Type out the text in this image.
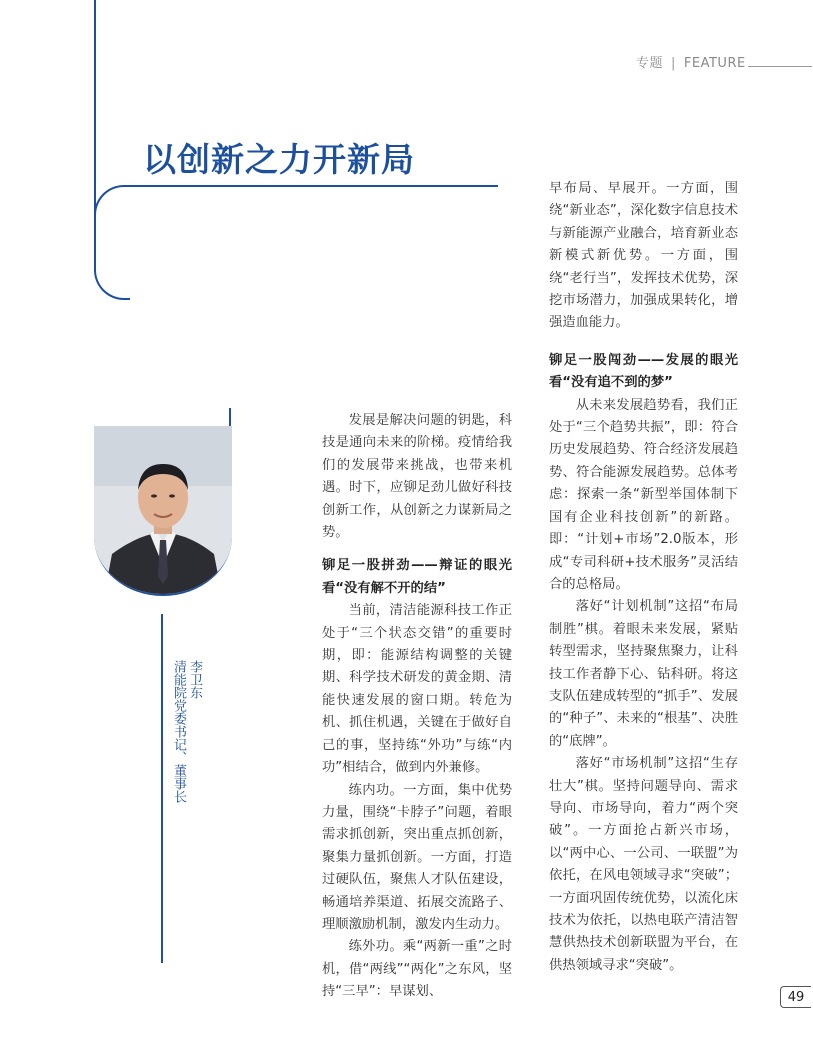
专题 | FEATURE
以创新之力开新局
李卫东
清能院党委书记、董事长

发展是解决问题的钥匙，科技是通向未来的阶梯。疫情给我们的发展带来挑战，也带来机遇。时下，应铆足劲儿做好科技创新工作，从创新之力谋新局之势。

铆足一股拼劲——辩证的眼光看“没有解不开的结”

当前，清洁能源科技工作正处于“三个状态交错”的重要时期，即：能源结构调整的关键期、科学技术研发的黄金期、清能快速发展的窗口期。转危为机、抓住机遇，关键在于做好自己的事，坚持练“外功”与练“内功”相结合，做到内外兼修。

练内功。一方面，集中优势力量，围绕“卡脖子”问题，着眼需求抓创新，突出重点抓创新，聚集力量抓创新。一方面，打造过硬队伍，聚焦人才队伍建设，畅通培养渠道、拓展交流路子、理顺激励机制，激发内生动力。

练外功。乘“两新一重”之时机，借“两线”“两化”之东风，坚持“三早”：早谋划、

早布局、早展开。一方面，围绕“新业态”，深化数字信息技术与新能源产业融合，培育新业态新模式新优势。一方面，围绕“老行当”，发挥技术优势，深挖市场潜力，加强成果转化，增强造血能力。

铆足一股闯劲——发展的眼光看“没有追不到的梦”

从未来发展趋势看，我们正处于“三个趋势共振”，即：符合历史发展趋势、符合经济发展趋势、符合能源发展趋势。总体考虑：探索一条“新型举国体制下国有企业科技创新”的新路。即：“计划+市场”2.0版本，形成“专司科研+技术服务”灵活结合的总格局。

落好“计划机制”这招“布局制胜”棋。着眼未来发展，紧贴转型需求，坚持聚焦聚力，让科技工作者静下心、钻科研。将这支队伍建成转型的“抓手”、发展的“种子”、未来的“根基”、决胜的“底牌”。

落好“市场机制”这招“生存壮大”棋。坚持问题导向、需求导向、市场导向，着力“两个突破”。一方面抢占新兴市场，以“两中心、一公司、一联盟”为依托，在风电领域寻求“突破”；一方面巩固传统优势，以流化床技术为依托，以热电联产清洁智慧供热技术创新联盟为平台，在供热领域寻求“突破”。

49
